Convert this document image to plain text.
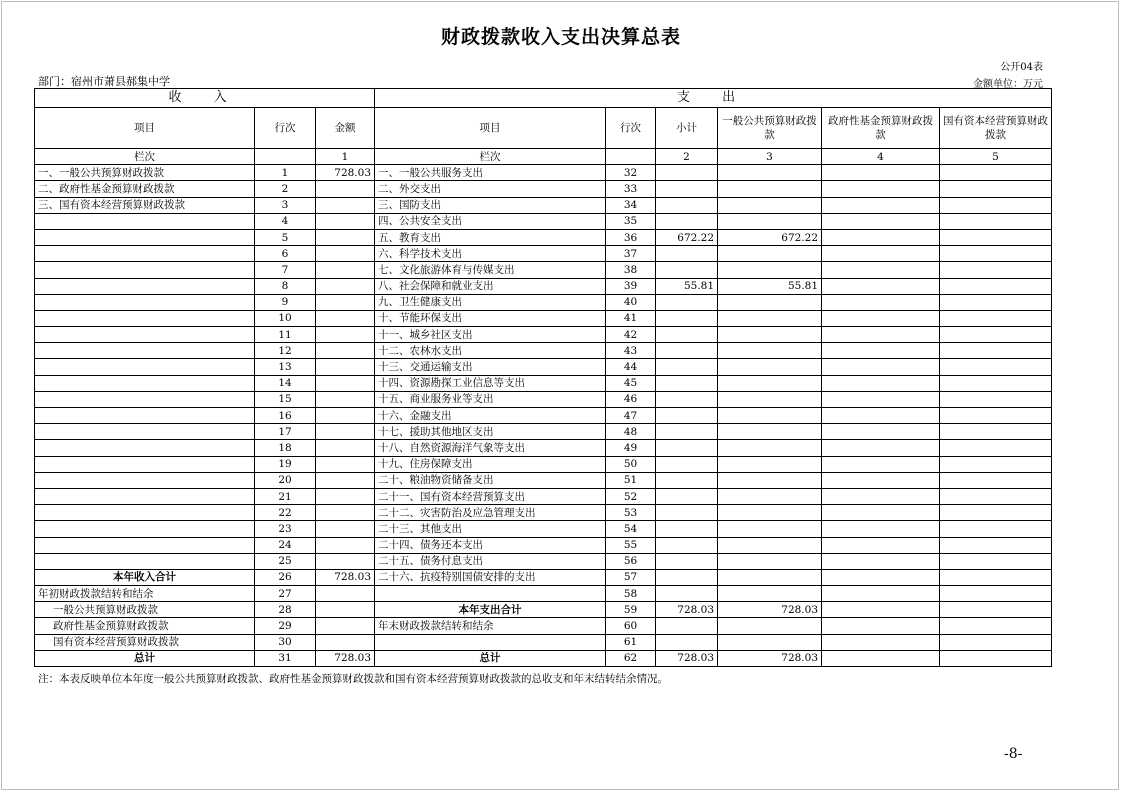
财政拨款收入支出决算总表
公开04表
部门：宿州市萧县郝集中学	金额单位：万元
收 入			支 出					
项目	行次	金额	项目	行次	小计	一般公共预算财政拨款	政府性基金预算财政拨款	国有资本经营预算财政拨款
栏次		1	栏次		2	3	4	5
一、一般公共预算财政拨款	1	728.03	一、一般公共服务支出	32				
二、政府性基金预算财政拨款	2		二、外交支出	33				
三、国有资本经营预算财政拨款	3		三、国防支出	34				
	4		四、公共安全支出	35				
	5		五、教育支出	36	672.22	672.22		
	6		六、科学技术支出	37				
	7		七、文化旅游体育与传媒支出	38				
	8		八、社会保障和就业支出	39	55.81	55.81		
	9		九、卫生健康支出	40				
	10		十、节能环保支出	41				
	11		十一、城乡社区支出	42				
	12		十二、农林水支出	43				
	13		十三、交通运输支出	44				
	14		十四、资源勘探工业信息等支出	45				
	15		十五、商业服务业等支出	46				
	16		十六、金融支出	47				
	17		十七、援助其他地区支出	48				
	18		十八、自然资源海洋气象等支出	49				
	19		十九、住房保障支出	50				
	20		二十、粮油物资储备支出	51				
	21		二十一、国有资本经营预算支出	52				
	22		二十二、灾害防治及应急管理支出	53				
	23		二十三、其他支出	54				
	24		二十四、债务还本支出	55				
	25		二十五、债务付息支出	56				
本年收入合计	26	728.03	二十六、抗疫特别国债安排的支出	57				
年初财政拨款结转和结余	27			58				
一般公共预算财政拨款	28		本年支出合计	59	728.03	728.03		
政府性基金预算财政拨款	29		年末财政拨款结转和结余	60				
国有资本经营预算财政拨款	30			61				
总计	31	728.03	总计	62	728.03	728.03		
注：本表反映单位本年度一般公共预算财政拨款、政府性基金预算财政拨款和国有资本经营预算财政拨款的总收支和年末结转结余情况。
-8-
